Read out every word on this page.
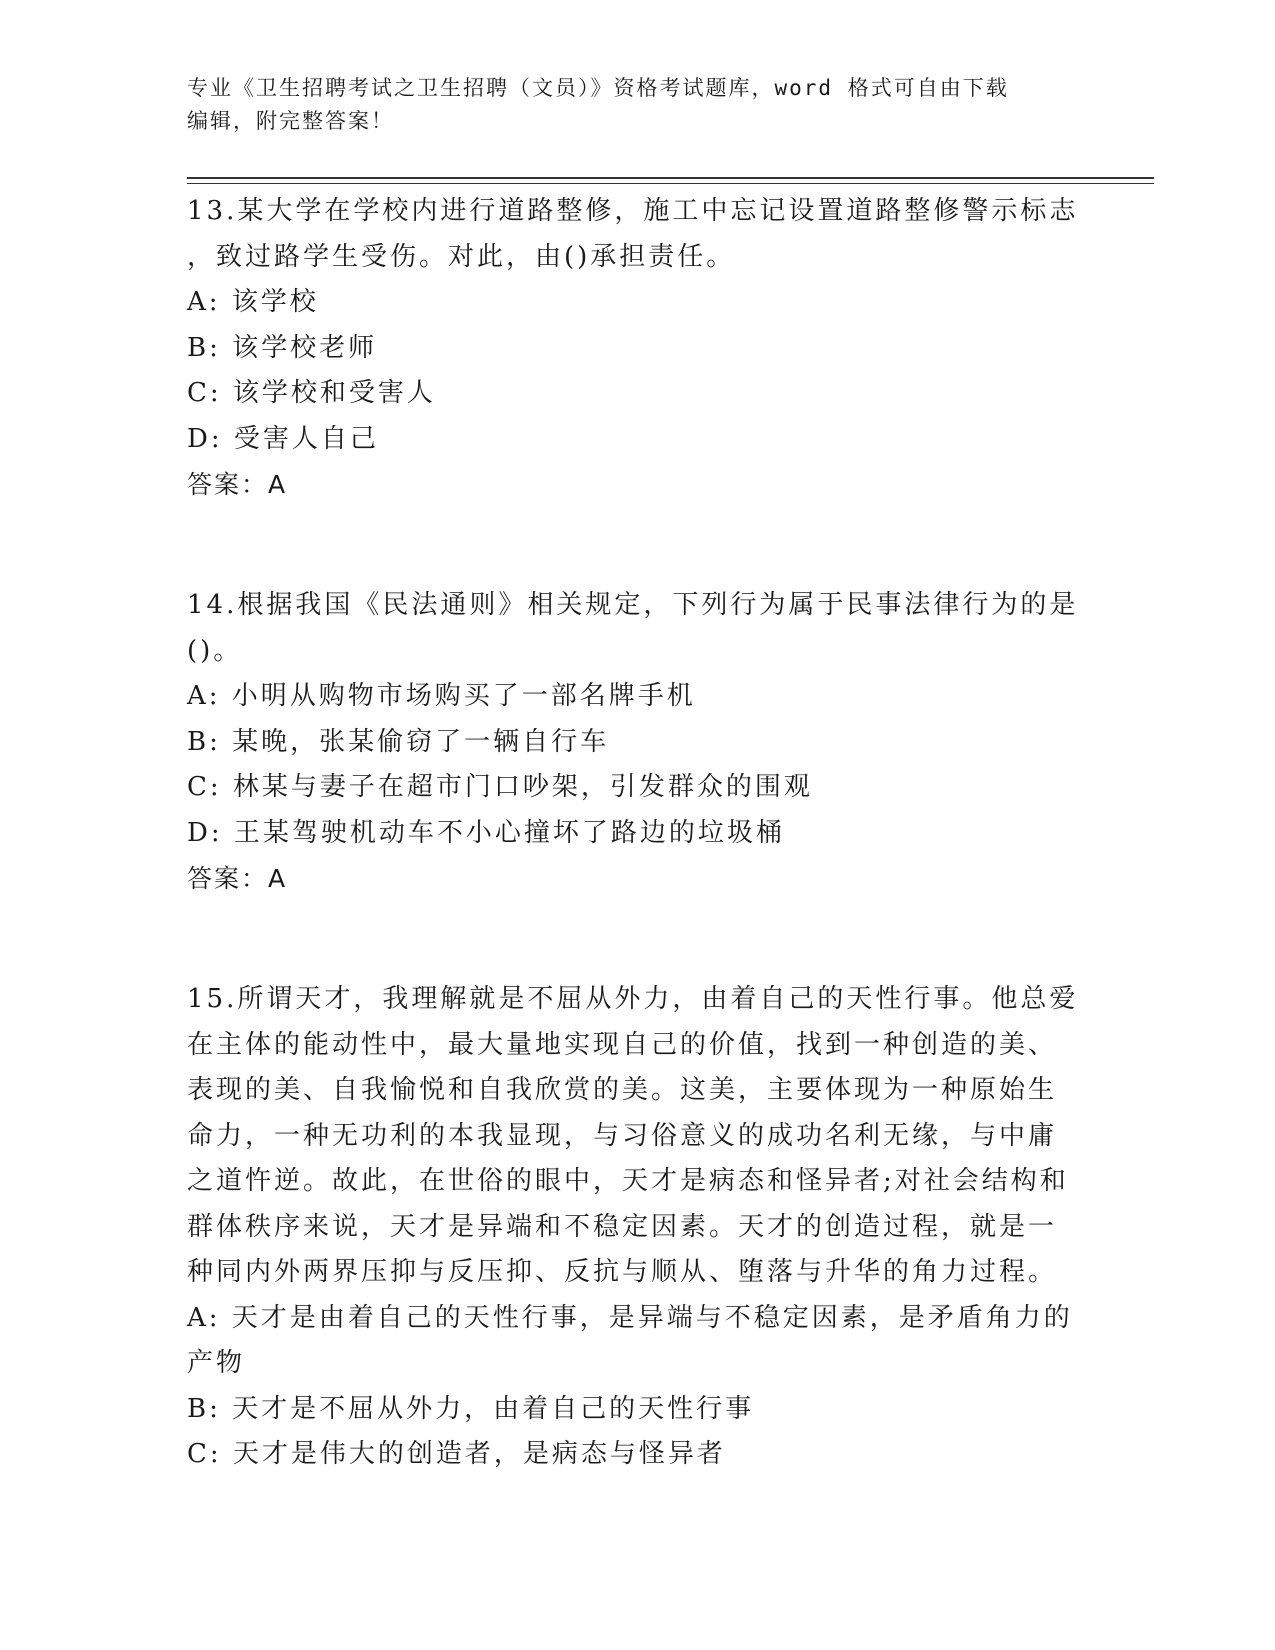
专业《卫生招聘考试之卫生招聘（文员）》资格考试题库，word 格式可自由下载
编辑，附完整答案！

13.某大学在学校内进行道路整修，施工中忘记设置道路整修警示标志

，致过路学生受伤。对此，由()承担责任。

A: 该学校

B: 该学校老师

C: 该学校和受害人

D: 受害人自己

答案：A

14.根据我国《民法通则》相关规定，下列行为属于民事法律行为的是

()。

A: 小明从购物市场购买了一部名牌手机

B: 某晚，张某偷窃了一辆自行车

C: 林某与妻子在超市门口吵架，引发群众的围观

D: 王某驾驶机动车不小心撞坏了路边的垃圾桶

答案：A

15.所谓天才，我理解就是不屈从外力，由着自己的天性行事。他总爱

在主体的能动性中，最大量地实现自己的价值，找到一种创造的美、

表现的美、自我愉悦和自我欣赏的美。这美，主要体现为一种原始生

命力，一种无功利的本我显现，与习俗意义的成功名利无缘，与中庸

之道忤逆。故此，在世俗的眼中，天才是病态和怪异者;对社会结构和

群体秩序来说，天才是异端和不稳定因素。天才的创造过程，就是一

种同内外两界压抑与反压抑、反抗与顺从、堕落与升华的角力过程。

A: 天才是由着自己的天性行事，是异端与不稳定因素，是矛盾角力的

产物

B: 天才是不屈从外力，由着自己的天性行事

C: 天才是伟大的创造者，是病态与怪异者
